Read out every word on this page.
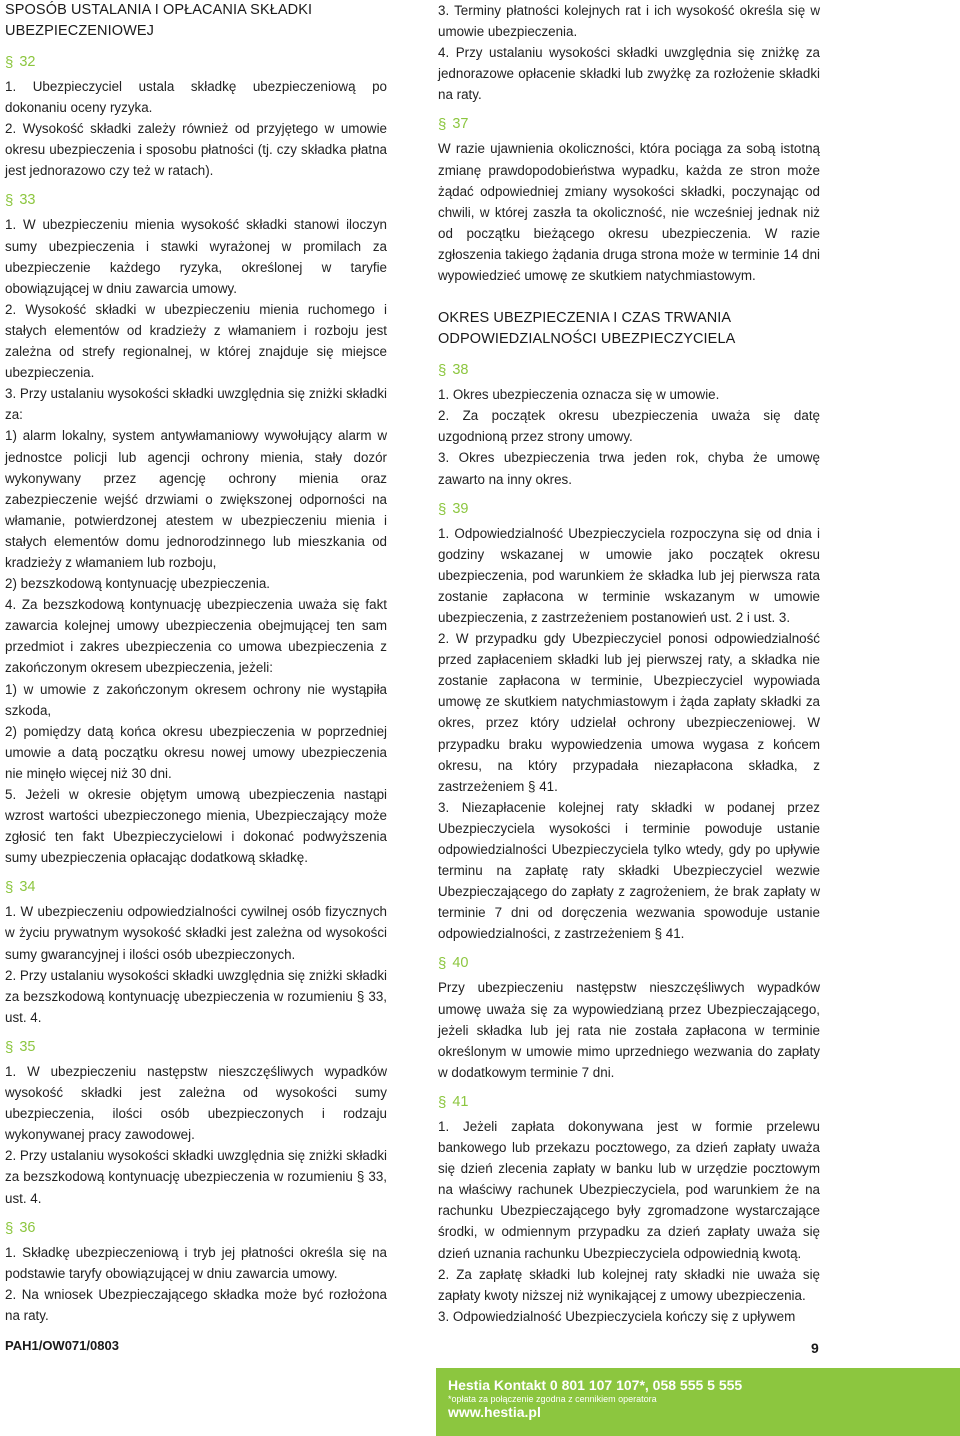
SPOSÓB USTALANIA I OPŁACANIA SKŁADKI UBEZPIECZENIOWEJ
§ 32

1. Ubezpieczyciel ustala składkę ubezpieczeniową po dokonaniu oceny ryzyka.

2. Wysokość składki zależy również od przyjętego w umowie okresu ubezpieczenia i sposobu płatności (tj. czy składka płatna jest jednorazowo czy też w ratach).

§ 33

1. W ubezpieczeniu mienia wysokość składki stanowi iloczyn sumy ubezpieczenia i stawki wyrażonej w promilach za ubezpieczenie każdego ryzyka, określonej w taryfie obowiązującej w dniu zawarcia umowy.

2. Wysokość składki w ubezpieczeniu mienia ruchomego i stałych elementów od kradzieży z włamaniem i rozboju jest zależna od strefy regionalnej, w której znajduje się miejsce ubezpieczenia.

3. Przy ustalaniu wysokości składki uwzględnia się zniżki składki za:

1) alarm lokalny, system antywłamaniowy wywołujący alarm w jednostce policji lub agencji ochrony mienia, stały dozór wykonywany przez agencję ochrony mienia oraz zabezpieczenie wejść drzwiami o zwiększonej odporności na włamanie, potwierdzonej atestem w ubezpieczeniu mienia i stałych elementów domu jednorodzinnego lub mieszkania od kradzieży z włamaniem lub rozboju,

2) bezszkodową kontynuację ubezpieczenia.

4. Za bezszkodową kontynuację ubezpieczenia uważa się fakt zawarcia kolejnej umowy ubezpieczenia obejmującej ten sam przedmiot i zakres ubezpieczenia co umowa ubezpieczenia z zakończonym okresem ubezpieczenia, jeżeli:

1) w umowie z zakończonym okresem ochrony nie wystąpiła szkoda,

2) pomiędzy datą końca okresu ubezpieczenia w poprzedniej umowie a datą początku okresu nowej umowy ubezpieczenia nie minęło więcej niż 30 dni.

5. Jeżeli w okresie objętym umową ubezpieczenia nastąpi wzrost wartości ubezpieczonego mienia, Ubezpieczający może zgłosić ten fakt Ubezpieczycielowi i dokonać podwyższenia sumy ubezpieczenia opłacając dodatkową składkę.

§ 34

1. W ubezpieczeniu odpowiedzialności cywilnej osób fizycznych w życiu prywatnym wysokość składki jest zależna od wysokości sumy gwarancyjnej i ilości osób ubezpieczonych.

2. Przy ustalaniu wysokości składki uwzględnia się zniżki składki za bezszkodową kontynuację ubezpieczenia w rozumieniu § 33, ust. 4.

§ 35

1. W ubezpieczeniu następstw nieszczęśliwych wypadków wysokość składki jest zależna od wysokości sumy ubezpieczenia, ilości osób ubezpieczonych i rodzaju wykonywanej pracy zawodowej.

2. Przy ustalaniu wysokości składki uwzględnia się zniżki składki za bezszkodową kontynuację ubezpieczenia w rozumieniu § 33, ust. 4.

§ 36

1. Składkę ubezpieczeniową i tryb jej płatności określa się na podstawie taryfy obowiązującej w dniu zawarcia umowy.

2. Na wniosek Ubezpieczającego składka może być rozłożona na raty.

3. Terminy płatności kolejnych rat i ich wysokość określa się w umowie ubezpieczenia.

4. Przy ustalaniu wysokości składki uwzględnia się zniżkę za jednorazowe opłacenie składki lub zwyżkę za rozłożenie składki na raty.

§ 37

W razie ujawnienia okoliczności, która pociąga za sobą istotną zmianę prawdopodobieństwa wypadku, każda ze stron może żądać odpowiedniej zmiany wysokości składki, poczynając od chwili, w której zaszła ta okoliczność, nie wcześniej jednak niż od początku bieżącego okresu ubezpieczenia. W razie zgłoszenia takiego żądania druga strona może w terminie 14 dni wypowiedzieć umowę ze skutkiem natychmiastowym.

OKRES UBEZPIECZENIA I CZAS TRWANIA ODPOWIEDZIALNOŚCI UBEZPIECZYCIELA
§ 38

1. Okres ubezpieczenia oznacza się w umowie.

2. Za początek okresu ubezpieczenia uważa się datę uzgodnioną przez strony umowy.

3. Okres ubezpieczenia trwa jeden rok, chyba że umowę zawarto na inny okres.

§ 39

1. Odpowiedzialność Ubezpieczyciela rozpoczyna się od dnia i godziny wskazanej w umowie jako początek okresu ubezpieczenia, pod warunkiem że składka lub jej pierwsza rata zostanie zapłacona w terminie wskazanym w umowie ubezpieczenia, z zastrzeżeniem postanowień ust. 2 i ust. 3.

2. W przypadku gdy Ubezpieczyciel ponosi odpowiedzialność przed zapłaceniem składki lub jej pierwszej raty, a składka nie zostanie zapłacona w terminie, Ubezpieczyciel wypowiada umowę ze skutkiem natychmiastowym i żąda zapłaty składki za okres, przez który udzielał ochrony ubezpieczeniowej. W przypadku braku wypowiedzenia umowa wygasa z końcem okresu, na który przypadała niezapłacona składka, z zastrzeżeniem § 41.

3. Niezapłacenie kolejnej raty składki w podanej przez Ubezpieczyciela wysokości i terminie powoduje ustanie odpowiedzialności Ubezpieczyciela tylko wtedy, gdy po upływie terminu na zapłatę raty składki Ubezpieczyciel wezwie Ubezpieczającego do zapłaty z zagrożeniem, że brak zapłaty w terminie 7 dni od doręczenia wezwania spowoduje ustanie odpowiedzialności, z zastrzeżeniem § 41.

§ 40

Przy ubezpieczeniu następstw nieszczęśliwych wypadków umowę uważa się za wypowiedzianą przez Ubezpieczającego, jeżeli składka lub jej rata nie została zapłacona w terminie określonym w umowie mimo uprzedniego wezwania do zapłaty w dodatkowym terminie 7 dni.

§ 41

1. Jeżeli zapłata dokonywana jest w formie przelewu bankowego lub przekazu pocztowego, za dzień zapłaty uważa się dzień zlecenia zapłaty w banku lub w urzędzie pocztowym na właściwy rachunek Ubezpieczyciela, pod warunkiem że na rachunku Ubezpieczającego były zgromadzone wystarczające środki, w odmiennym przypadku za dzień zapłaty uważa się dzień uznania rachunku Ubezpieczyciela odpowiednią kwotą.

2. Za zapłatę składki lub kolejnej raty składki nie uważa się zapłaty kwoty niższej niż wynikającej z umowy ubezpieczenia.

3. Odpowiedzialność Ubezpieczyciela kończy się z upływem

PAH1/OW071/0803	9
Hestia Kontakt 0 801 107 107*, 058 555 5 555
*opłata za połączenie zgodna z cennikiem operatora
www.hestia.pl
